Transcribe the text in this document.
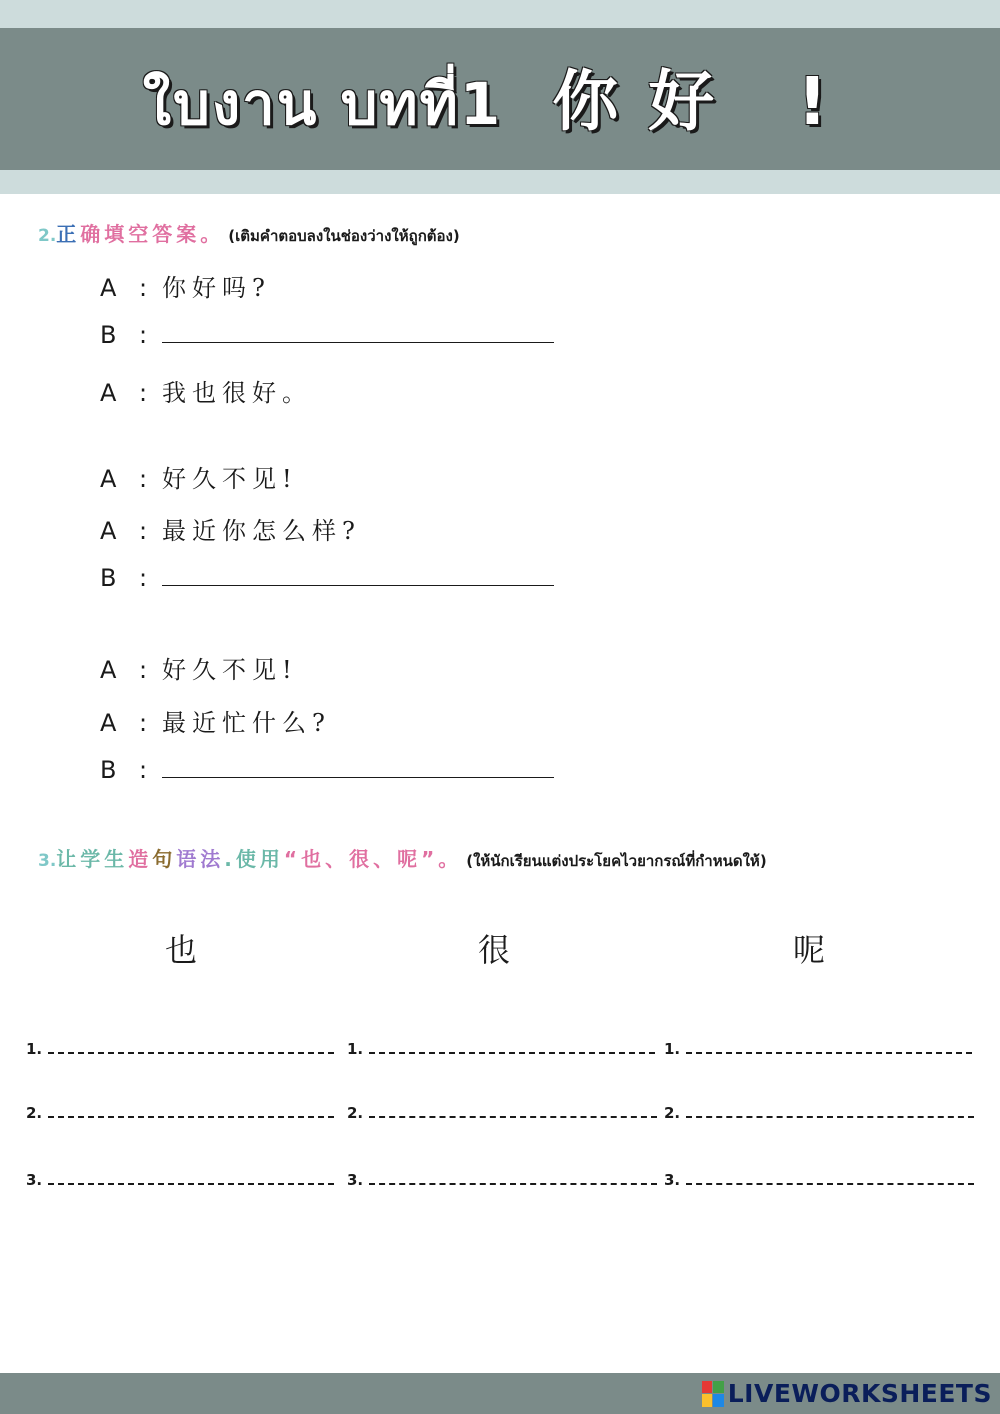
ใบงาน บทที่1 你好 !
2.正 确 填 空 答 案 。 (เติมคำตอบลงในช่องว่างให้ถูกต้อง)
A : 你好吗?
B :
A : 我也很好。
A : 好久不见!
A : 最近你怎么样?
B :
A : 好久不见!
A : 最近忙什么?
B :
3.让 学 生 造 句 语 法 . 使 用 “ 也 、 很 、 呢 ” 。 (ให้นักเรียนแต่งประโยคไวยากรณ์ที่กำหนดให้)
也	很	呢
1.	1.	1.
2.	2.	2.
3.	3.	3.
LIVEWORKSHEETS
